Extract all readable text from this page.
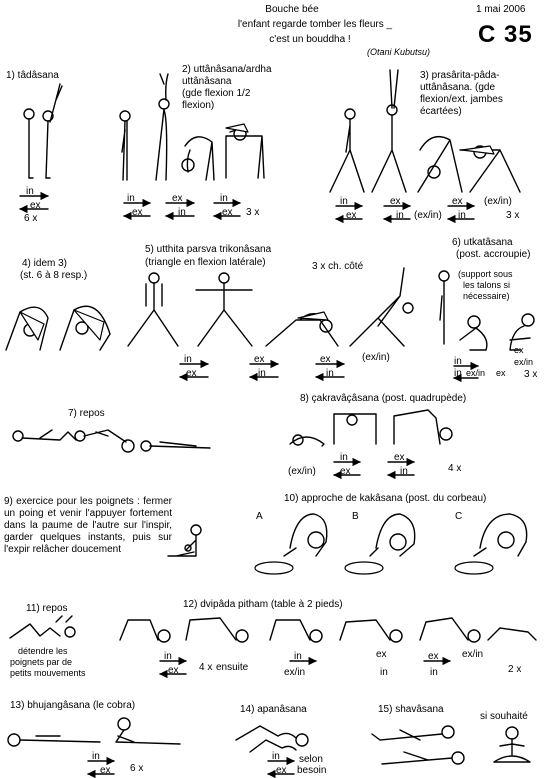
Bouche bée
l'enfant regarde tomber les fleurs _
c'est un bouddha !
(Otani Kubutsu)
1 mai 2006
C 35
1) tâdâsana
2) uttânâsana/ardha
uttânâsana
(gde flexion 1/2
flexion)
3) prasârita-pâda-
uttânâsana. (gde
flexion/ext. jambes
écartées)
4) idem 3)
(st. 6 à 8 resp.)
5) utthita parsva trikonâsana
(triangle en flexion latérale)	3 x ch. côté
6) utkatâsana
(post. accroupie)
(support sous
les talons si
nécessaire)
7) repos
8) çakravâçâsana (post. quadrupède)
9) exercice pour les poignets : fermer un poing et venir l'appuyer fortement dans la paume de l'autre sur l'inspir, garder quelques instants, puis sur l'expir relâcher doucement
10) approche de kakâsana (post. du corbeau)
A	B	C
11) repos
détendre les
poignets par de
petits mouvements
12) dvipâda pitham (table à 2 pieds)
13) bhujangâsana (le cobra)	14) apanâsana	15) shavâsana
si souhaité
in
ex
6 x
in
ex
ex
in
in
ex 3 x
in
ex
ex
in (ex/in)
ex
in
(ex/in)
3 x
in
ex
ex
in
ex
in
(ex/in)	in
in ex/in ex
ex
ex/in
3 x
in
(ex/in) ex
ex
in	4 x
in
ex 4 x ensuite
in
ex/in
ex
in
ex
in
ex/in
2 x
in
ex 6 x
in
ex
selon
besoin
